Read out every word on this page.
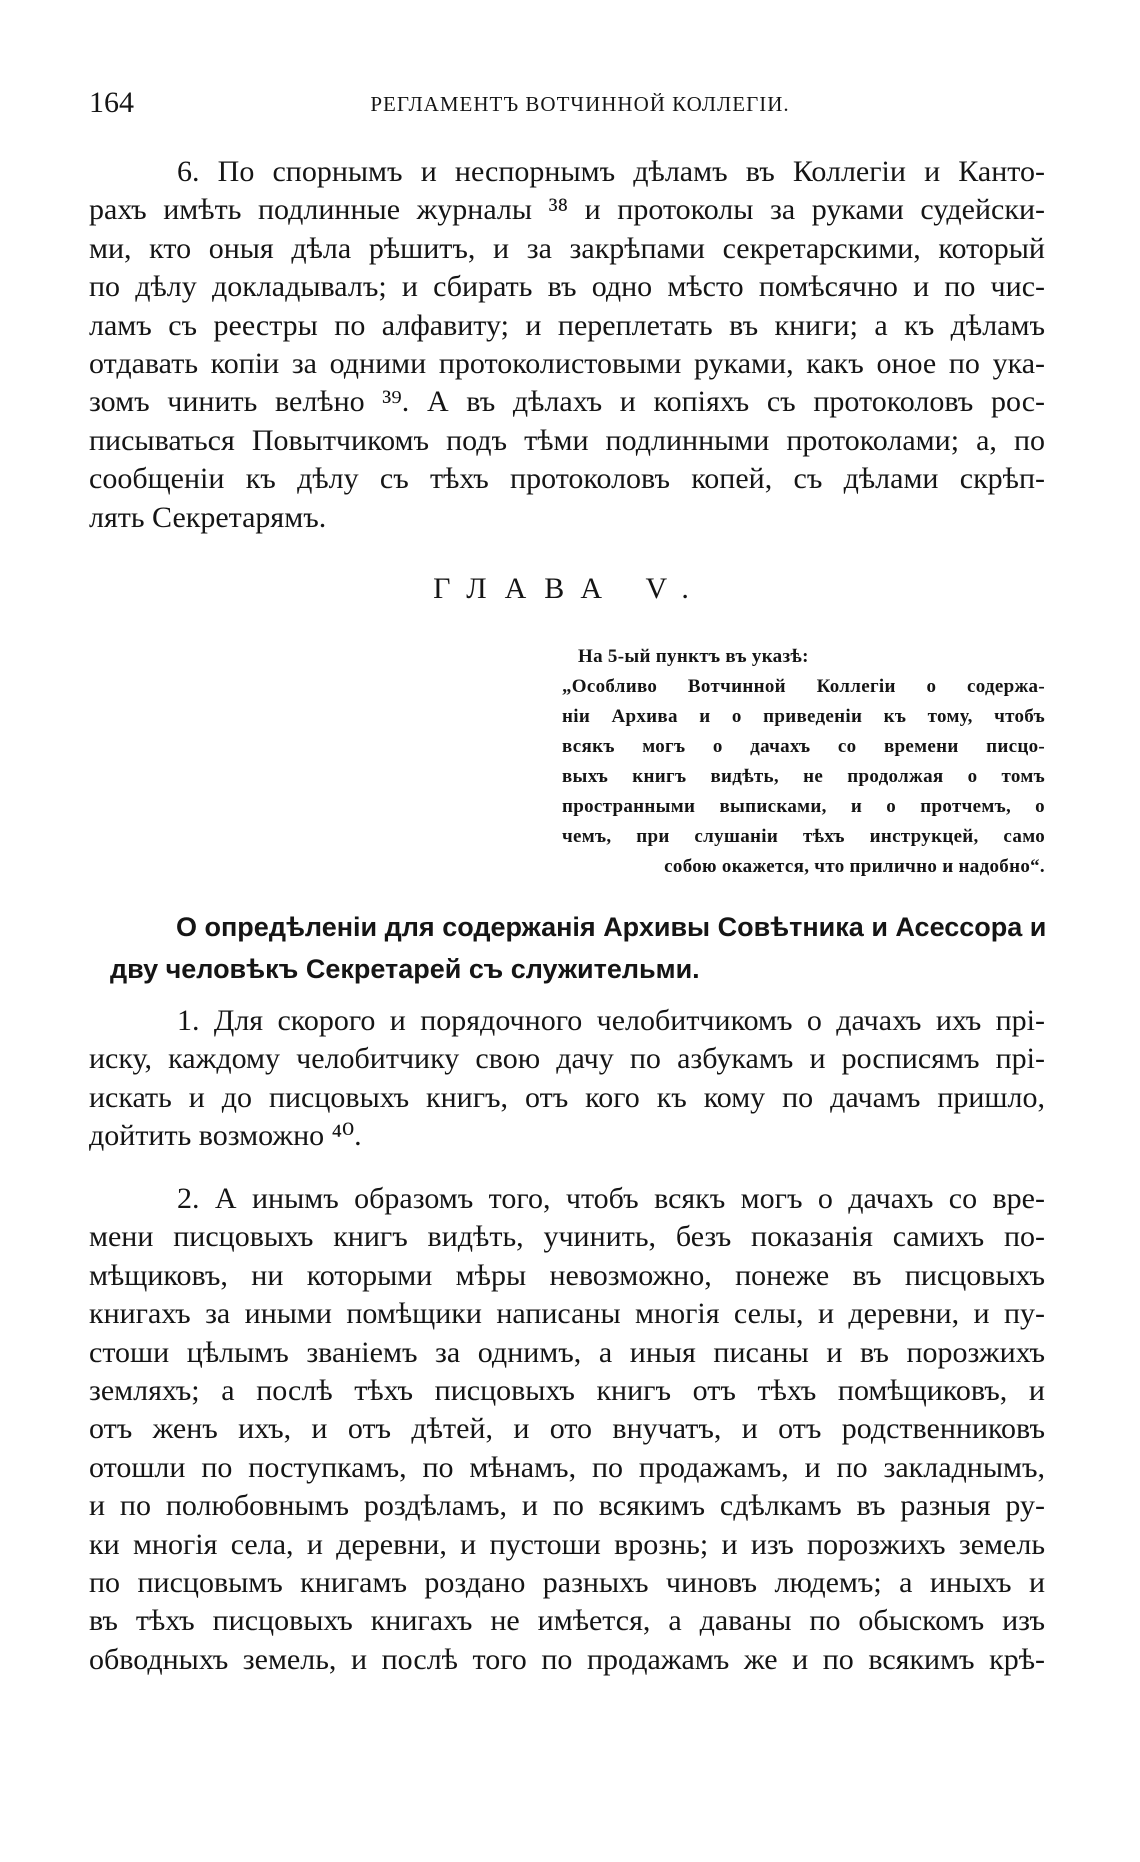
164	РЕГЛАМЕНТЪ ВОТЧИННОЙ КОЛЛЕГІИ.
6. По спорнымъ и неспорнымъ дѣламъ въ Коллегіи и Канто-
рахъ имѣть подлинные журналы ³⁸ и протоколы за руками судейски-
ми, кто оныя дѣла рѣшитъ, и за закрѣпами секретарскими, который
по дѣлу докладывалъ; и сбирать въ одно мѣсто помѣсячно и по чис-
ламъ съ реестры по алфавиту; и переплетать въ книги; а къ дѣламъ
отдавать копіи за одними протоколистовыми руками, какъ оное по ука-
зомъ чинить велѣно ³⁹. А въ дѣлахъ и копіяхъ съ протоколовъ рос-
писываться Повытчикомъ подъ тѣми подлинными протоколами; а, по
сообщеніи къ дѣлу съ тѣхъ протоколовъ копей, съ дѣлами скрѣп-
лять Секретарямъ.
ГЛАВА V.
На 5-ый пунктъ въ указѣ:
„Особливо Вотчинной Коллегіи о содержа-
ніи Архива и о приведеніи къ тому, чтобъ
всякъ могъ о дачахъ со времени писцо-
выхъ книгъ видѣть, не продолжая о томъ
пространными выписками, и о протчемъ, о
чемъ, при слушаніи тѣхъ инструкцей, само
собою окажется, что прилично и надобно“.
О опредѣленіи для содержанія Архивы Совѣтника и Асессора и
дву человѣкъ Секретарей съ служительми.
1. Для скорого и порядочного челобитчикомъ о дачахъ ихъ прі-
иску, каждому челобитчику свою дачу по азбукамъ и росписямъ прі-
искать и до писцовыхъ книгъ, отъ кого къ кому по дачамъ пришло,
дойтить возможно ⁴⁰.
2. А инымъ образомъ того, чтобъ всякъ могъ о дачахъ со вре-
мени писцовыхъ книгъ видѣть, учинить, безъ показанія самихъ по-
мѣщиковъ, ни которыми мѣры невозможно, понеже въ писцовыхъ
книгахъ за иными помѣщики написаны многія селы, и деревни, и пу-
стоши цѣлымъ званіемъ за однимъ, а иныя писаны и въ порозжихъ
земляхъ; а послѣ тѣхъ писцовыхъ книгъ отъ тѣхъ помѣщиковъ, и
отъ женъ ихъ, и отъ дѣтей, и ото внучатъ, и отъ родственниковъ
отошли по поступкамъ, по мѣнамъ, по продажамъ, и по закладнымъ,
и по полюбовнымъ роздѣламъ, и по всякимъ сдѣлкамъ въ разныя ру-
ки многія села, и деревни, и пустоши врознь; и изъ порозжихъ земель
по писцовымъ книгамъ роздано разныхъ чиновъ людемъ; а иныхъ и
въ тѣхъ писцовыхъ книгахъ не имѣется, а даваны по обыскомъ изъ
обводныхъ земель, и послѣ того по продажамъ же и по всякимъ крѣ-
